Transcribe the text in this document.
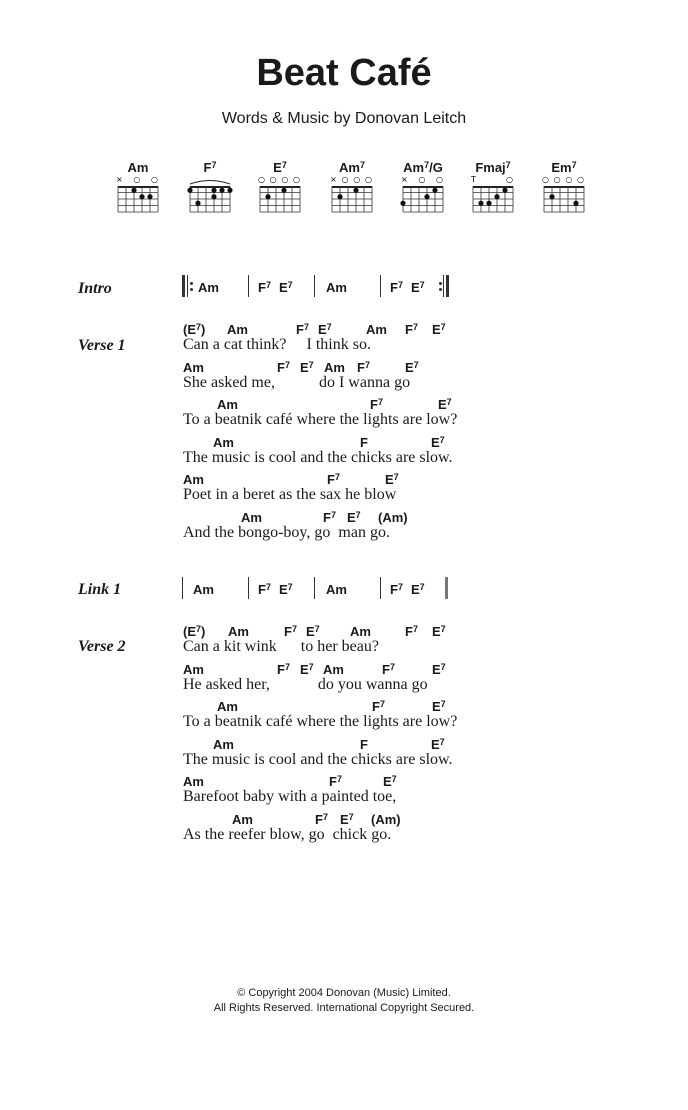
Beat Café
Words & Music by Donovan Leitch
Am
×○○
$F^7$	$E^7$
○○○○
$Am^7$
×○○○
$Am^7/G$
×○○
Fmaj$^7$
T○
Em$^7$
○○○○
Intro	Am	$F^7$ $E^7$	Am	$F^7$ $E^7$
Verse 1
$(E^7)$ Am	$F^7$ $E^7$	Am $F^7$ $E^7$
Can a cat think?     I think so.
Am	$F^7$ $E^7$ Am $F^7$	$E^7$
She asked me,           do I wanna go
Am	$F^7$	$E^7$
To a beatnik café where the lights are low?
Am	F	$E^7$
The music is cool and the chicks are slow.
Am	$F^7$	$E^7$
Poet in a beret as the sax he blow
Am	$F^7$ $E^7$ (Am)
And the bongo-boy, go  man go.
Link 1	Am	$F^7$ $E^7$	Am	$F^7$ $E^7$
Verse 2
$(E^7)$ Am	$F^7$ $E^7$ Am	$F^7$ $E^7$
Can a kit wink      to her beau?
Am	$F^7$ $E^7$ Am	$F^7$	$E^7$
He asked her,            do you wanna go
Am	$F^7$	$E^7$
To a beatnik café where the lights are low?
Am	F	$E^7$
The music is cool and the chicks are slow.
Am	$F^7$	$E^7$
Barefoot baby with a painted toe,
Am	$F^7$ $E^7$ (Am)
As the reefer blow, go  chick go.
© Copyright 2004 Donovan (Music) Limited.
All Rights Reserved. International Copyright Secured.
